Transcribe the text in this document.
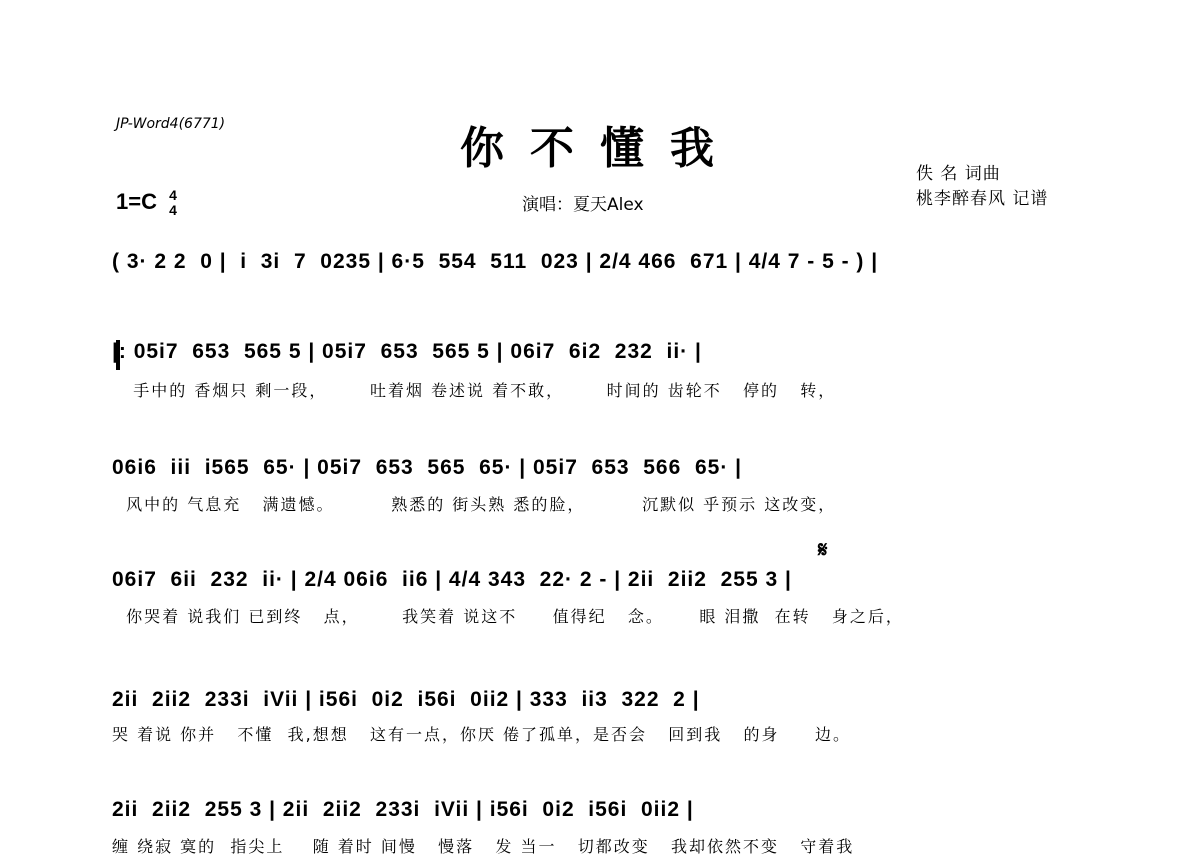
JP-Word4(6771)	你不懂我
1=C 4
4	演唱：夏天Alex
佚 名 词曲
桃李醉春风 记谱
( 3· 2 2  0 |  i  3i  7  0235 | 6·5  554  511  023 | 2/4 466  671 | 4/4 7 - 5 - ) |
|: 05i7  653  565 5 | 05i7  653  565 5 | 06i7  6i2  232  ii· |
手中的 香烟只 剩一段，      吐着烟 卷述说 着不敢，      时间的 齿轮不   停的   转，
06i6  iii  i565  65· | 05i7  653  565  65· | 05i7  653  566  65· |
风中的 气息充   满遗憾。        熟悉的 街头熟 悉的脸，        沉默似 乎预示 这改变，
𝄋
06i7  6ii  232  ii· | 2/4 06i6  ii6 | 4/4 343  22· 2 - | 2ii  2ii2  255 3 |
你哭着 说我们 已到终   点，      我笑着 说这不     值得纪   念。     眼 泪撒  在转   身之后，
2ii  2ii2  233i  iVii | i56i  0i2  i56i  0ii2 | 333  ii3  322  2 |
哭 着说 你并   不懂  我,想想   这有一点，你厌 倦了孤单，是否会   回到我   的身     边。
2ii  2ii2  255 3 | 2ii  2ii2  233i  iVii | i56i  0i2  i56i  0ii2 |
缠 绕寂 寞的  指尖上    随 着时 间慢   慢落   发 当一   切都改变   我却依然不变   守着我
